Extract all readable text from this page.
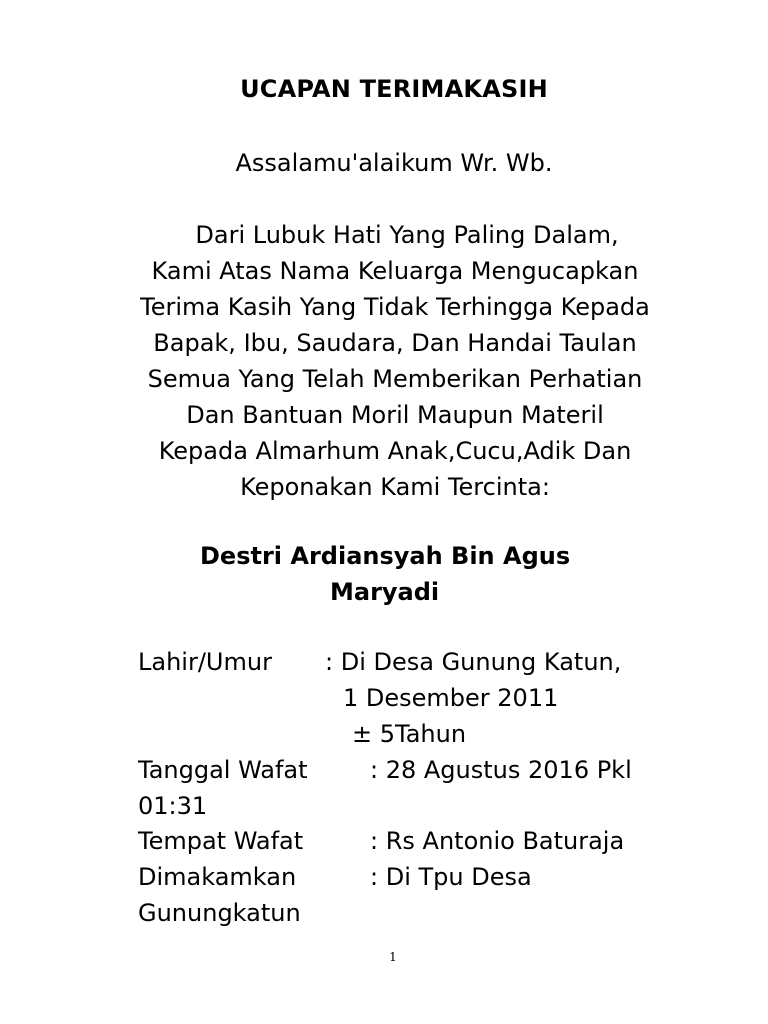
UCAPAN TERIMAKASIH
Assalamu'alaikum Wr. Wb.
Dari Lubuk Hati Yang Paling Dalam,
Kami Atas Nama Keluarga Mengucapkan
Terima Kasih Yang Tidak Terhingga Kepada
Bapak, Ibu, Saudara, Dan Handai Taulan
Semua Yang Telah Memberikan Perhatian
Dan Bantuan Moril Maupun Materil
Kepada Almarhum Anak,Cucu,Adik Dan
Keponakan Kami Tercinta:
Destri Ardiansyah Bin Agus
Maryadi
Lahir/Umur : Di Desa Gunung Katun,
1 Desember 2011
± 5Tahun
Tanggal Wafat	: 28 Agustus 2016 Pkl
01:31
Tempat Wafat	: Rs Antonio Baturaja
Dimakamkan	: Di Tpu Desa
Gunungkatun
1
